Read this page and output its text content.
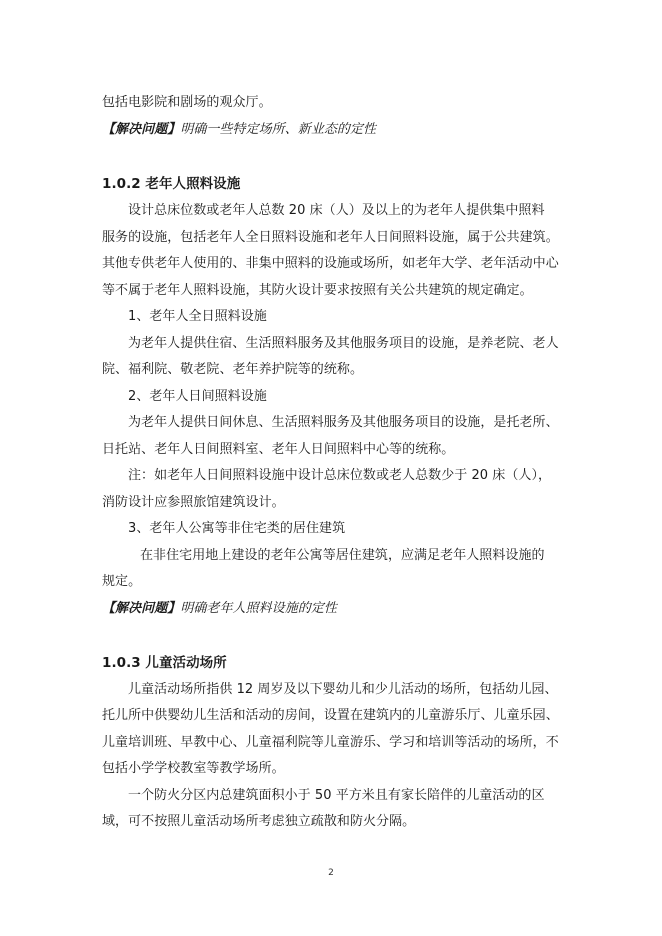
包括电影院和剧场的观众厅。
【解决问题】明确一些特定场所、新业态的定性
1.0.2 老年人照料设施
设计总床位数或老年人总数 20 床（人）及以上的为老年人提供集中照料
服务的设施，包括老年人全日照料设施和老年人日间照料设施，属于公共建筑。
其他专供老年人使用的、非集中照料的设施或场所，如老年大学、老年活动中心
等不属于老年人照料设施，其防火设计要求按照有关公共建筑的规定确定。
1、老年人全日照料设施
为老年人提供住宿、生活照料服务及其他服务项目的设施，是养老院、老人
院、福利院、敬老院、老年养护院等的统称。
2、老年人日间照料设施
为老年人提供日间休息、生活照料服务及其他服务项目的设施，是托老所、
日托站、老年人日间照料室、老年人日间照料中心等的统称。
注：如老年人日间照料设施中设计总床位数或老人总数少于 20 床（人），
消防设计应参照旅馆建筑设计。
3、老年人公寓等非住宅类的居住建筑
在非住宅用地上建设的老年公寓等居住建筑，应满足老年人照料设施的
规定。
【解决问题】明确老年人照料设施的定性
1.0.3 儿童活动场所
儿童活动场所指供 12 周岁及以下婴幼儿和少儿活动的场所，包括幼儿园、
托儿所中供婴幼儿生活和活动的房间，设置在建筑内的儿童游乐厅、儿童乐园、
儿童培训班、早教中心、儿童福利院等儿童游乐、学习和培训等活动的场所，不
包括小学学校教室等教学场所。
一个防火分区内总建筑面积小于 50 平方米且有家长陪伴的儿童活动的区
域，可不按照儿童活动场所考虑独立疏散和防火分隔。
2
